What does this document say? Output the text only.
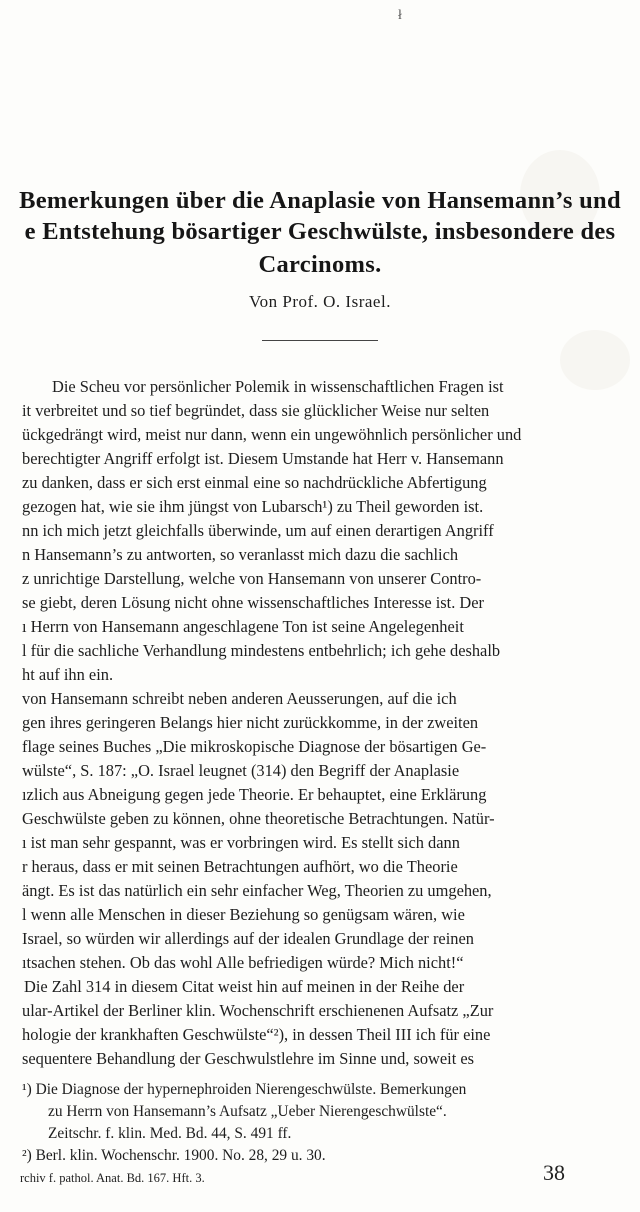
ł
Bemerkungen über die Anaplasie von Hansemann’s und
e Entstehung bösartiger Geschwülste, insbesondere des
Carcinoms.
Von Prof. O. Israel.
Die Scheu vor persönlicher Polemik in wissenschaftlichen Fragen ist
it verbreitet und so tief begründet, dass sie glücklicher Weise nur selten
ückgedrängt wird, meist nur dann, wenn ein ungewöhnlich persönlicher und
berechtigter Angriff erfolgt ist. Diesem Umstande hat Herr v. Hansemann
zu danken, dass er sich erst einmal eine so nachdrückliche Abfertigung
gezogen hat, wie sie ihm jüngst von Lubarsch¹) zu Theil geworden ist.
nn ich mich jetzt gleichfalls überwinde, um auf einen derartigen Angriff
n Hansemann’s zu antworten, so veranlasst mich dazu die sachlich
z unrichtige Darstellung, welche von Hansemann von unserer Contro-
se giebt, deren Lösung nicht ohne wissenschaftliches Interesse ist. Der
ı Herrn von Hansemann angeschlagene Ton ist seine Angelegenheit
l für die sachliche Verhandlung mindestens entbehrlich; ich gehe deshalb
ht auf ihn ein.
von Hansemann schreibt neben anderen Aeusserungen, auf die ich
gen ihres geringeren Belangs hier nicht zurückkomme, in der zweiten
flage seines Buches „Die mikroskopische Diagnose der bösartigen Ge-
wülste“, S. 187: „O. Israel leugnet (314) den Begriff der Anaplasie
ızlich aus Abneigung gegen jede Theorie. Er behauptet, eine Erklärung
Geschwülste geben zu können, ohne theoretische Betrachtungen. Natür-
ı ist man sehr gespannt, was er vorbringen wird. Es stellt sich dann
r heraus, dass er mit seinen Betrachtungen aufhört, wo die Theorie
ängt. Es ist das natürlich ein sehr einfacher Weg, Theorien zu umgehen,
l wenn alle Menschen in dieser Beziehung so genügsam wären, wie
Israel, so würden wir allerdings auf der idealen Grundlage der reinen
ıtsachen stehen. Ob das wohl Alle befriedigen würde? Mich nicht!“
Die Zahl 314 in diesem Citat weist hin auf meinen in der Reihe der
ular-Artikel der Berliner klin. Wochenschrift erschienenen Aufsatz „Zur
hologie der krankhaften Geschwülste“²), in dessen Theil III ich für eine
sequentere Behandlung der Geschwulstlehre im Sinne und, soweit es
¹) Die Diagnose der hypernephroiden Nierengeschwülste. Bemerkungen
zu Herrn von Hansemann’s Aufsatz „Ueber Nierengeschwülste“.
Zeitschr. f. klin. Med. Bd. 44, S. 491 ff.
²) Berl. klin. Wochenschr. 1900. No. 28, 29 u. 30.
rchiv f. pathol. Anat. Bd. 167. Hft. 3.	38
